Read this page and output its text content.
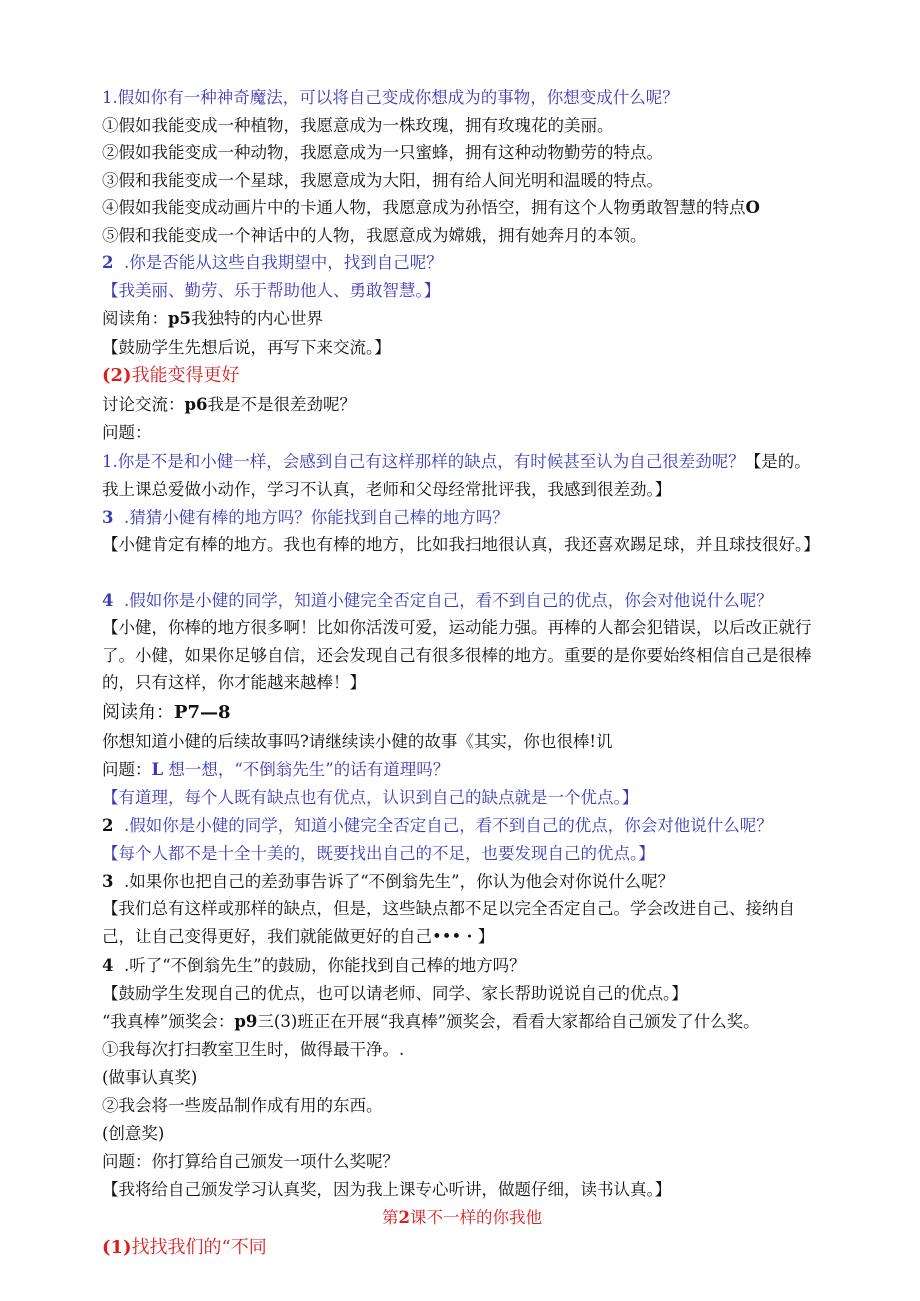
1.假如你有一种神奇魔法，可以将自己变成你想成为的事物，你想变成什么呢？
①假如我能变成一种植物，我愿意成为一株玫瑰，拥有玫瑰花的美丽。
②假如我能变成一种动物，我愿意成为一只蜜蜂，拥有这种动物勤劳的特点。
③假和我能变成一个星球，我愿意成为大阳，拥有给人间光明和温暖的特点。
④假如我能变成动画片中的卡通人物，我愿意成为孙悟空，拥有这个人物勇敢智慧的特点O
⑤假和我能变成一个神话中的人物，我愿意成为嫦娥，拥有她奔月的本领。
2 .你是否能从这些自我期望中，找到自己呢？
【我美丽、勤劳、乐于帮助他人、勇敢智慧。】
阅读角：p5我独特的内心世界
【鼓励学生先想后说，再写下来交流。】
(2)我能变得更好
讨论交流：p6我是不是很差劲呢？
问题：
1.你是不是和小健一样，会感到自己有这样那样的缺点，有时候甚至认为自己很差劲呢？【是的。我上课总爱做小动作，学习不认真，老师和父母经常批评我，我感到很差劲。】
3 .猜猜小健有棒的地方吗？你能找到自己棒的地方吗？
【小健肯定有棒的地方。我也有棒的地方，比如我扫地很认真，我还喜欢踢足球，并且球技很好。】
4 .假如你是小健的同学，知道小健完全否定自己，看不到自己的优点，你会对他说什么呢？
【小健，你棒的地方很多啊！比如你活泼可爱，运动能力强。再棒的人都会犯错误，以后改正就行了。小健，如果你足够自信，还会发现自己有很多很棒的地方。重要的是你要始终相信自己是很棒的，只有这样，你才能越来越棒！】
阅读角：P7—8
你想知道小健的后续故事吗?请继续读小健的故事《其实，你也很棒!讥
问题：L 想一想，“不倒翁先生”的话有道理吗？
【有道理，每个人既有缺点也有优点，认识到自己的缺点就是一个优点。】
2 .假如你是小健的同学，知道小健完全否定自己，看不到自己的优点，你会对他说什么呢？
【每个人都不是十全十美的，既要找出自己的不足，也要发现自己的优点。】
3 .如果你也把自己的差劲事告诉了“不倒翁先生”，你认为他会对你说什么呢？
【我们总有这样或那样的缺点，但是，这些缺点都不足以完全否定自己。学会改进自己、接纳自己，让自己变得更好，我们就能做更好的自己•••・】
4 .听了“不倒翁先生”的鼓励，你能找到自己棒的地方吗？
【鼓励学生发现自己的优点，也可以请老师、同学、家长帮助说说自己的优点。】
“我真棒”颁奖会：p9三(3)班正在开展“我真棒”颁奖会，看看大家都给自己颁发了什么奖。
①我每次打扫教室卫生时，做得最干净。.
(做事认真奖)
②我会将一些废品制作成有用的东西。
(创意奖)
问题：你打算给自己颁发一项什么奖呢？
【我将给自己颁发学习认真奖，因为我上课专心听讲，做题仔细，读书认真。】
第2课不一样的你我他
(1)找找我们的“不同
